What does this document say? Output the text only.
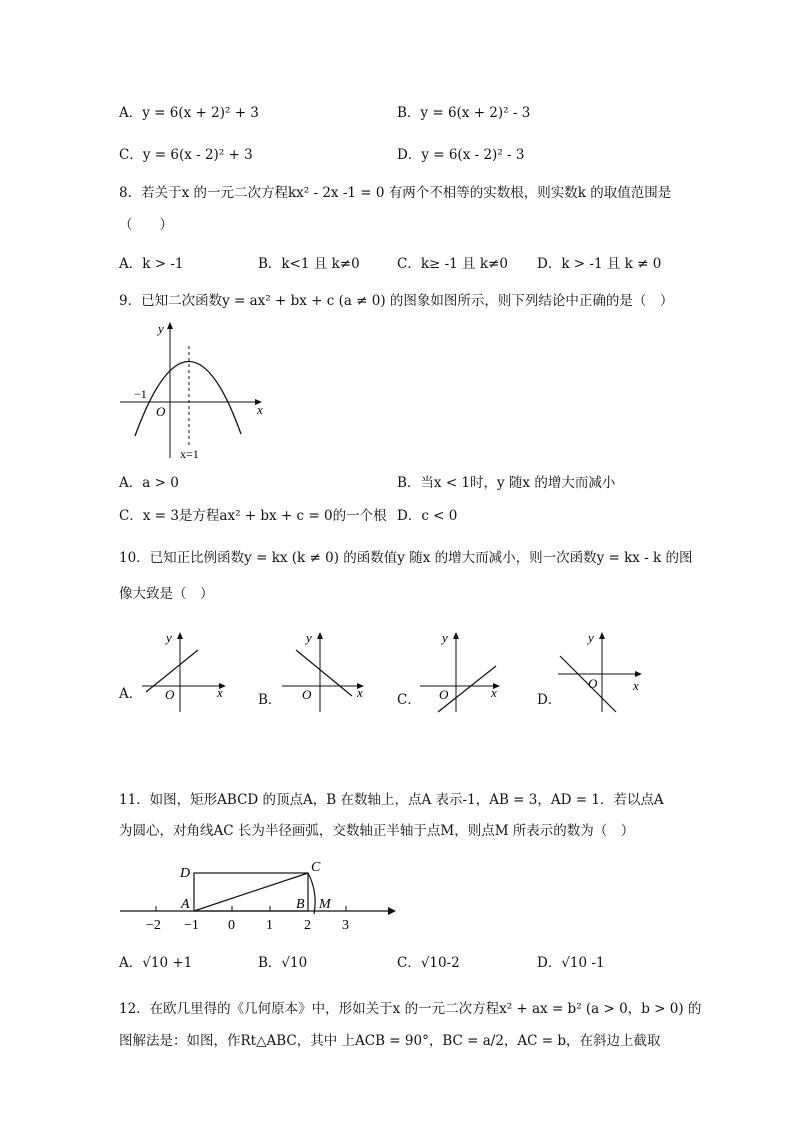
A．y = 6(x + 2)² + 3	B．y = 6(x + 2)² - 3
C．y = 6(x - 2)² + 3	D．y = 6(x - 2)² - 3
8．若关于x 的一元二次方程kx² - 2x -1 = 0 有两个不相等的实数根，则实数k 的取值范围是
（　　）
A．k > -1	B．k<1 且 k≠0	C．k≥ -1 且 k≠0 D．k > -1 且 k ≠ 0
9．已知二次函数y = ax² + bx + c (a ≠ 0) 的图象如图所示，则下列结论中正确的是（　）
y
x
O
−1
x=1
A．a > 0	B．当x < 1时，y 随x 的增大而减小
C．x = 3是方程ax² + bx + c = 0的一个根 D．c < 0
10．已知正比例函数y = kx (k ≠ 0) 的函数值y 随x 的增大而减小，则一次函数y = kx - k 的图
像大致是（　）
A．	B．	C．	D．
y
x
O
y
x
O
y
x
O
y
x
O
11．如图，矩形ABCD 的顶点A，B 在数轴上，点A 表示-1，AB = 3，AD = 1．若以点A
为圆心，对角线AC 长为半径画弧，交数轴正半轴于点M，则点M 所表示的数为（　）
D	C
A	B M
−2 −1 0 1 2 3
A．√10 +1	B．√10	C．√10-2	D．√10 -1
12．在欧几里得的《几何原本》中，形如关于x 的一元二次方程x² + ax = b² (a > 0，b > 0) 的
图解法是：如图，作Rt△ABC，其中 上ACB = 90°，BC = a/2，AC = b，在斜边上截取
